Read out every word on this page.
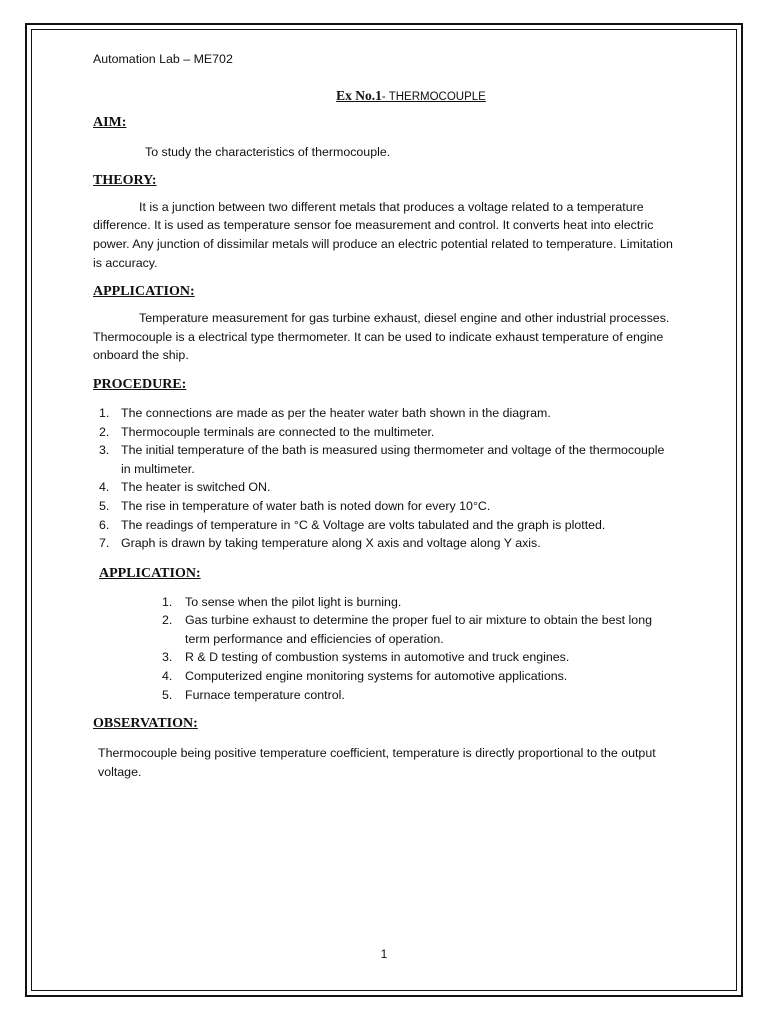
Automation Lab – ME702

Ex No.1- THERMOCOUPLE

AIM:

To study the characteristics of thermocouple.

THEORY:

It is a junction between two different metals that produces a voltage related to a temperature difference. It is used as temperature sensor foe measurement and control. It converts heat into electric power. Any junction of dissimilar metals will produce an electric potential related to temperature. Limitation is accuracy.

APPLICATION:

Temperature measurement for gas turbine exhaust, diesel engine and other industrial processes. Thermocouple is a electrical type thermometer. It can be used to indicate exhaust temperature of engine onboard the ship.

PROCEDURE:
1. The connections are made as per the heater water bath shown in the diagram.
2. Thermocouple terminals are connected to the multimeter.
3. The initial temperature of the bath is measured using thermometer and voltage of the thermocouple in multimeter.
4. The heater is switched ON.
5. The rise in temperature of water bath is noted down for every 10°C.
6. The readings of temperature in °C & Voltage are volts tabulated and the graph is plotted.
7. Graph is drawn by taking temperature along X axis and voltage along Y axis.
APPLICATION:
1. To sense when the pilot light is burning.
2. Gas turbine exhaust to determine the proper fuel to air mixture to obtain the best long term performance and efficiencies of operation.
3. R & D testing of combustion systems in automotive and truck engines.
4. Computerized engine monitoring systems for automotive applications.
5. Furnace temperature control.
OBSERVATION:

Thermocouple being positive temperature coefficient, temperature is directly proportional to the output voltage.

1
